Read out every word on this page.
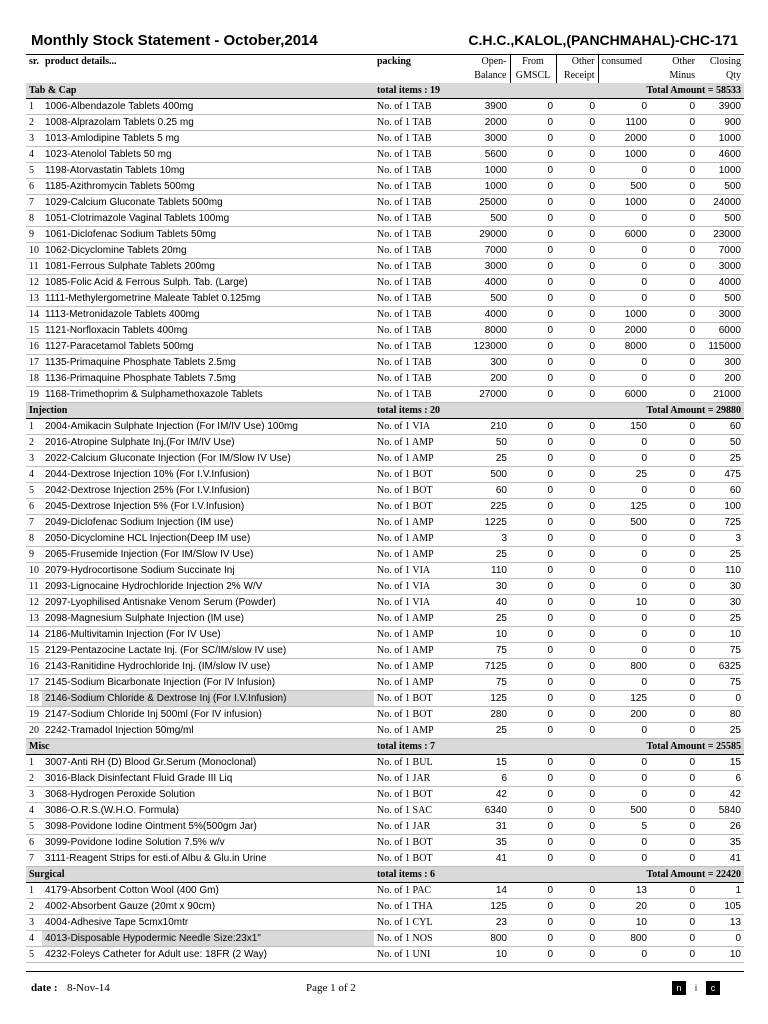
Monthly Stock Statement - October,2014	C.H.C.,KALOL,(PANCHMAHAL)-CHC-171
sr.	product details...	packing	Open-	From	Other	consumed	Other	Closing
			Balance	GMSCL	Receipt		Minus	Qty
Tab & Cap		total items : 19		Total Amount = 58533				
1	1006-Albendazole Tablets 400mg	No. of 1 TAB	3900	0	0	0	0	3900
2	1008-Alprazolam Tablets 0.25 mg	No. of 1 TAB	2000	0	0	1100	0	900
3	1013-Amlodipine Tablets 5 mg	No. of 1 TAB	3000	0	0	2000	0	1000
4	1023-Atenolol Tablets 50 mg	No. of 1 TAB	5600	0	0	1000	0	4600
5	1198-Atorvastatin Tablets 10mg	No. of 1 TAB	1000	0	0	0	0	1000
6	1185-Azithromycin Tablets 500mg	No. of 1 TAB	1000	0	0	500	0	500
7	1029-Calcium Gluconate Tablets 500mg	No. of 1 TAB	25000	0	0	1000	0	24000
8	1051-Clotrimazole Vaginal Tablets 100mg	No. of 1 TAB	500	0	0	0	0	500
9	1061-Diclofenac Sodium Tablets 50mg	No. of 1 TAB	29000	0	0	6000	0	23000
10	1062-Dicyclomine Tablets 20mg	No. of 1 TAB	7000	0	0	0	0	7000
11	1081-Ferrous Sulphate Tablets 200mg	No. of 1 TAB	3000	0	0	0	0	3000
12	1085-Folic Acid & Ferrous Sulph. Tab. (Large)	No. of 1 TAB	4000	0	0	0	0	4000
13	1111-Methylergometrine Maleate Tablet 0.125mg	No. of 1 TAB	500	0	0	0	0	500
14	1113-Metronidazole Tablets 400mg	No. of 1 TAB	4000	0	0	1000	0	3000
15	1121-Norfloxacin Tablets 400mg	No. of 1 TAB	8000	0	0	2000	0	6000
16	1127-Paracetamol Tablets 500mg	No. of 1 TAB	123000	0	0	8000	0	115000
17	1135-Primaquine Phosphate Tablets 2.5mg	No. of 1 TAB	300	0	0	0	0	300
18	1136-Primaquine Phosphate Tablets 7.5mg	No. of 1 TAB	200	0	0	0	0	200
19	1168-Trimethoprim & Sulphamethoxazole Tablets	No. of 1 TAB	27000	0	0	6000	0	21000
Injection		total items : 20		Total Amount = 29880				
1	2004-Amikacin Sulphate Injection (For IM/IV Use) 100mg	No. of 1 VIA	210	0	0	150	0	60
2	2016-Atropine Sulphate Inj.(For IM/IV Use)	No. of 1 AMP	50	0	0	0	0	50
3	2022-Calcium Gluconate Injection (For IM/Slow IV Use)	No. of 1 AMP	25	0	0	0	0	25
4	2044-Dextrose Injection 10% (For I.V.Infusion)	No. of 1 BOT	500	0	0	25	0	475
5	2042-Dextrose Injection 25% (For I.V.Infusion)	No. of 1 BOT	60	0	0	0	0	60
6	2045-Dextrose Injection 5% (For I.V.Infusion)	No. of 1 BOT	225	0	0	125	0	100
7	2049-Diclofenac Sodium Injection (IM use)	No. of 1 AMP	1225	0	0	500	0	725
8	2050-Dicyclomine HCL Injection(Deep IM use)	No. of 1 AMP	3	0	0	0	0	3
9	2065-Frusemide Injection (For IM/Slow IV Use)	No. of 1 AMP	25	0	0	0	0	25
10	2079-Hydrocortisone Sodium Succinate Inj	No. of 1 VIA	110	0	0	0	0	110
11	2093-Lignocaine Hydrochloride Injection 2% W/V	No. of 1 VIA	30	0	0	0	0	30
12	2097-Lyophilised Antisnake Venom Serum (Powder)	No. of 1 VIA	40	0	0	10	0	30
13	2098-Magnesium Sulphate Injection (IM use)	No. of 1 AMP	25	0	0	0	0	25
14	2186-Multivitamin Injection (For IV Use)	No. of 1 AMP	10	0	0	0	0	10
15	2129-Pentazocine Lactate Inj. (For SC/IM/slow IV use)	No. of 1 AMP	75	0	0	0	0	75
16	2143-Ranitidine Hydrochloride Inj. (IM/slow IV use)	No. of 1 AMP	7125	0	0	800	0	6325
17	2145-Sodium Bicarbonate Injection (For IV Infusion)	No. of 1 AMP	75	0	0	0	0	75
18	2146-Sodium Chloride & Dextrose Inj (For I.V.Infusion)	No. of 1 BOT	125	0	0	125	0	0
19	2147-Sodium Chloride Inj 500ml (For IV infusion)	No. of 1 BOT	280	0	0	200	0	80
20	2242-Tramadol Injection 50mg/ml	No. of 1 AMP	25	0	0	0	0	25
Misc		total items : 7		Total Amount = 25585				
1	3007-Anti RH (D) Blood Gr.Serum (Monoclonal)	No. of 1 BUL	15	0	0	0	0	15
2	3016-Black Disinfectant Fluid Grade III Liq	No. of 1 JAR	6	0	0	0	0	6
3	3068-Hydrogen Peroxide Solution	No. of 1 BOT	42	0	0	0	0	42
4	3086-O.R.S.(W.H.O. Formula)	No. of 1 SAC	6340	0	0	500	0	5840
5	3098-Povidone Iodine Ointment 5%(500gm Jar)	No. of 1 JAR	31	0	0	5	0	26
6	3099-Povidone Iodine Solution 7.5% w/v	No. of 1 BOT	35	0	0	0	0	35
7	3111-Reagent Strips for esti.of Albu & Glu.in Urine	No. of 1 BOT	41	0	0	0	0	41
Surgical		total items : 6		Total Amount = 22420				
1	4179-Absorbent Cotton Wool (400 Gm)	No. of 1 PAC	14	0	0	13	0	1
2	4002-Absorbent Gauze (20mt x 90cm)	No. of 1 THA	125	0	0	20	0	105
3	4004-Adhesive Tape 5cmx10mtr	No. of 1 CYL	23	0	0	10	0	13
4	4013-Disposable Hypodermic Needle Size:23x1"	No. of 1 NOS	800	0	0	800	0	0
5	4232-Foleys Catheter for Adult use: 18FR (2 Way)	No. of 1 UNI	10	0	0	0	0	10
date : 8-Nov-14	Page 1 of 2	n i c
